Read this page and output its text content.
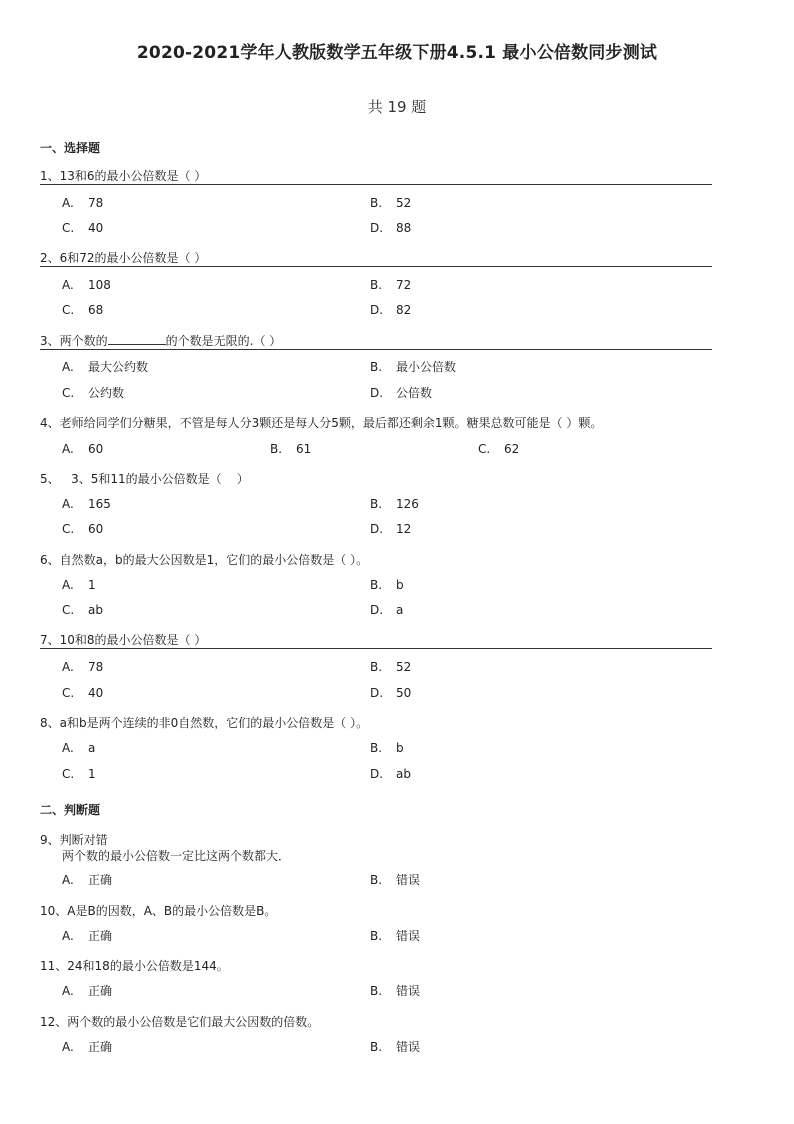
2020-2021学年人教版数学五年级下册4.5.1 最小公倍数同步测试
共 19 题
一、选择题
1、13和6的最小公倍数是（ ）
A. 78	B. 52
C. 40	D. 88
2、6和72的最小公倍数是（ ）
A. 108	B. 72
C. 68	D. 82
3、两个数的	的个数是无限的.（ ）
A. 最大公约数	B. 最小公倍数
C. 公约数	D. 公倍数
4、老师给同学们分糖果，不管是每人分3颗还是每人分5颗，最后都还剩余1颗。糖果总数可能是（ ）颗。
A. 60	B. 61	C. 62
5、   3、5和11的最小公倍数是（    ）
A. 165	B. 126
C. 60	D. 12
6、自然数a，b的最大公因数是1，它们的最小公倍数是（ ）。
A. 1	B. b
C. ab	D. a
7、10和8的最小公倍数是（ ）
A. 78	B. 52
C. 40	D. 50
8、a和b是两个连续的非0自然数，它们的最小公倍数是（ ）。
A. a	B. b
C. 1	D. ab
二、判断题
9、判断对错
两个数的最小公倍数一定比这两个数都大．
A. 正确	B. 错误
10、A是B的因数，A、B的最小公倍数是B。
A. 正确	B. 错误
11、24和18的最小公倍数是144。
A. 正确	B. 错误
12、两个数的最小公倍数是它们最大公因数的倍数。
A. 正确	B. 错误
